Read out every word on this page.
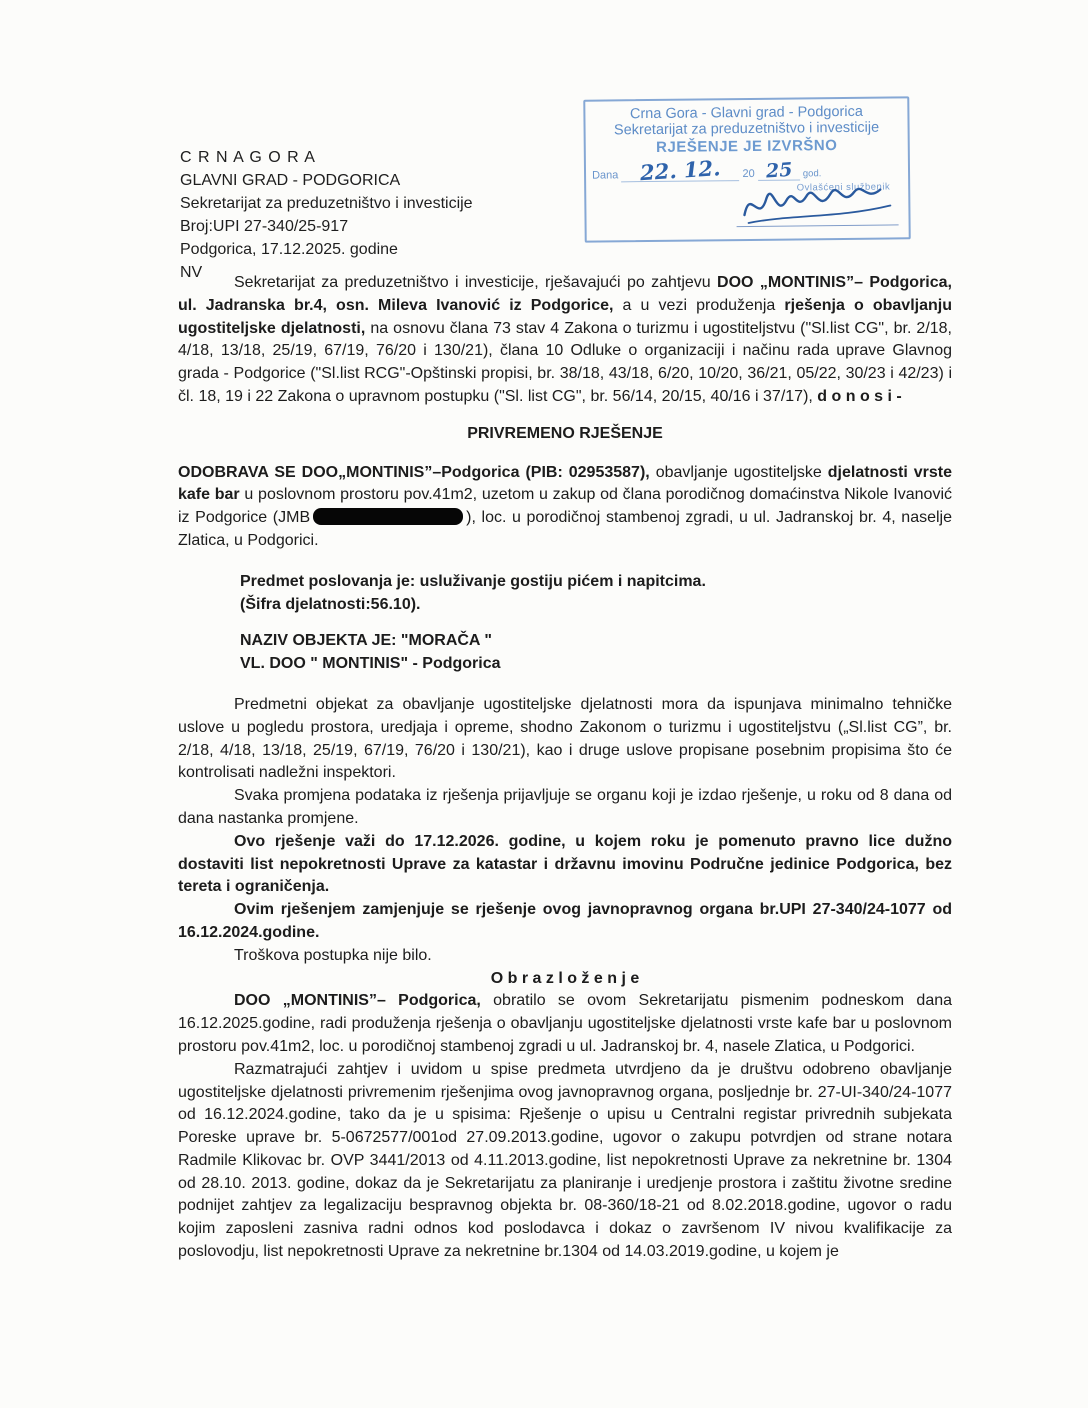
Crna Gora - Glavni grad - Podgorica
Sekretarijat za preduzetništvo i investicije
RJEŠENJE JE IZVRŠNO
Dana 22. 12. 20 25 god.
Ovlašćeni službenik
C R N A G O R A
GLAVNI GRAD - PODGORICA
Sekretarijat za preduzetništvo i investicije
Broj:UPI 27-340/25-917
Podgorica, 17.12.2025. godine
NV

Sekretarijat za preduzetništvo i investicije, rješavajući po zahtjevu DOO „MONTINIS”– Podgorica, ul. Jadranska br.4, osn. Mileva Ivanović iz Podgorice, a u vezi produženja rješenja o obavljanju ugostiteljske djelatnosti, na osnovu člana 73 stav 4 Zakona o turizmu i ugostiteljstvu ("Sl.list CG", br. 2/18, 4/18, 13/18, 25/19, 67/19, 76/20 i 130/21), člana 10 Odluke o organizaciji i načinu rada uprave Glavnog grada - Podgorice ("Sl.list RCG"-Opštinski propisi, br. 38/18, 43/18, 6/20, 10/20, 36/21, 05/22, 30/23 i 42/23) i čl. 18, 19 i 22 Zakona o upravnom postupku ("Sl. list CG", br. 56/14, 20/15, 40/16 i 37/17), d o n o s i -

PRIVREMENO RJEŠENJE

ODOBRAVA SE DOO„MONTINIS”–Podgorica (PIB: 02953587), obavljanje ugostiteljske djelatnosti vrste kafe bar u poslovnom prostoru pov.41m2, uzetom u zakup od člana porodičnog domaćinstva Nikole Ivanović iz Podgorice (JMB	), loc. u porodičnoj stambenoj zgradi, u ul. Jadranskoj br. 4, naselje Zlatica, u Podgorici.

Predmet poslovanja je: usluživanje gostiju pićem i napitcima.

(Šifra djelatnosti:56.10).

NAZIV OBJEKTA JE: "MORAČA "

VL. DOO " MONTINIS" - Podgorica

Predmetni objekat za obavljanje ugostiteljske djelatnosti mora da ispunjava minimalno tehničke uslove u pogledu prostora, uredjaja i opreme, shodno Zakonom o turizmu i ugostiteljstvu („Sl.list CG”, br. 2/18, 4/18, 13/18, 25/19, 67/19, 76/20 i 130/21), kao i druge uslove propisane posebnim propisima što će kontrolisati nadležni inspektori.

Svaka promjena podataka iz rješenja prijavljuje se organu koji je izdao rješenje, u roku od 8 dana od dana nastanka promjene.

Ovo rješenje važi do 17.12.2026. godine, u kojem roku je pomenuto pravno lice dužno dostaviti list nepokretnosti Uprave za katastar i državnu imovinu Područne jedinice Podgorica, bez tereta i ograničenja.

Ovim rješenjem zamjenjuje se rješenje ovog javnopravnog organa br.UPI 27-340/24-1077 od 16.12.2024.godine.

Troškova postupka nije bilo.

O b r a z l o ž e n j e

DOO „MONTINIS”– Podgorica, obratilo se ovom Sekretarijatu pismenim podneskom dana 16.12.2025.godine, radi produženja rješenja o obavljanju ugostiteljske djelatnosti vrste kafe bar u poslovnom prostoru pov.41m2, loc. u porodičnoj stambenoj zgradi u ul. Jadranskoj br. 4, nasele Zlatica, u Podgorici.

Razmatrajući zahtjev i uvidom u spise predmeta utvrdjeno da je društvu odobreno obavljanje ugostiteljske djelatnosti privremenim rješenjima ovog javnopravnog organa, posljednje br. 27-UI-340/24-1077 od 16.12.2024.godine, tako da je u spisima: Rješenje o upisu u Centralni registar privrednih subjekata Poreske uprave br. 5-0672577/001od 27.09.2013.godine, ugovor o zakupu potvrdjen od strane notara Radmile Klikovac br. OVP 3441/2013 od 4.11.2013.godine, list nepokretnosti Uprave za nekretnine br. 1304 od 28.10. 2013. godine, dokaz da je Sekretarijatu za planiranje i uredjenje prostora i zaštitu životne sredine podnijet zahtjev za legalizaciju bespravnog objekta br. 08-360/18-21 od 8.02.2018.godine, ugovor o radu kojim zaposleni zasniva radni odnos kod poslodavca i dokaz o završenom IV nivou kvalifikacije za poslovodju, list nepokretnosti Uprave za nekretnine br.1304 od 14.03.2019.godine, u kojem je
